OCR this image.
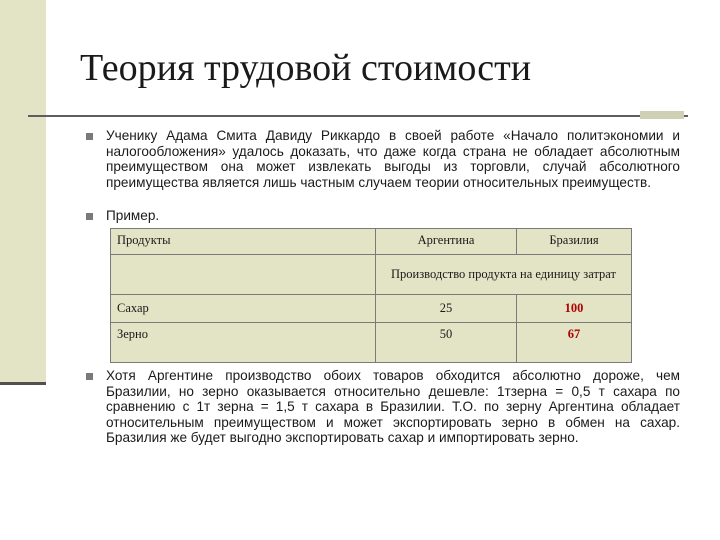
Теория трудовой стоимости
Ученику Адама Смита Давиду Риккардо в своей работе «Начало политэкономии и налогообложения» удалось доказать, что даже когда страна не обладает абсолютным преимуществом она может извлекать выгоды из торговли, случай абсолютного преимущества является лишь частным случаем теории относительных преимуществ.
Пример.
Продукты	Аргентина	Бразилия
	Производство продукта на единицу затрат	
Сахар	25	100
Зерно	50	67
Хотя Аргентине производство обоих товаров обходится абсолютно дороже, чем Бразилии, но зерно оказывается относительно дешевле: 1тзерна = 0,5 т сахара по сравнению с 1т зерна = 1,5 т сахара в Бразилии. Т.О. по зерну Аргентина обладает относительным преимуществом и может экспортировать зерно в обмен на сахар. Бразилия же будет выгодно экспортировать сахар и импортировать зерно.
